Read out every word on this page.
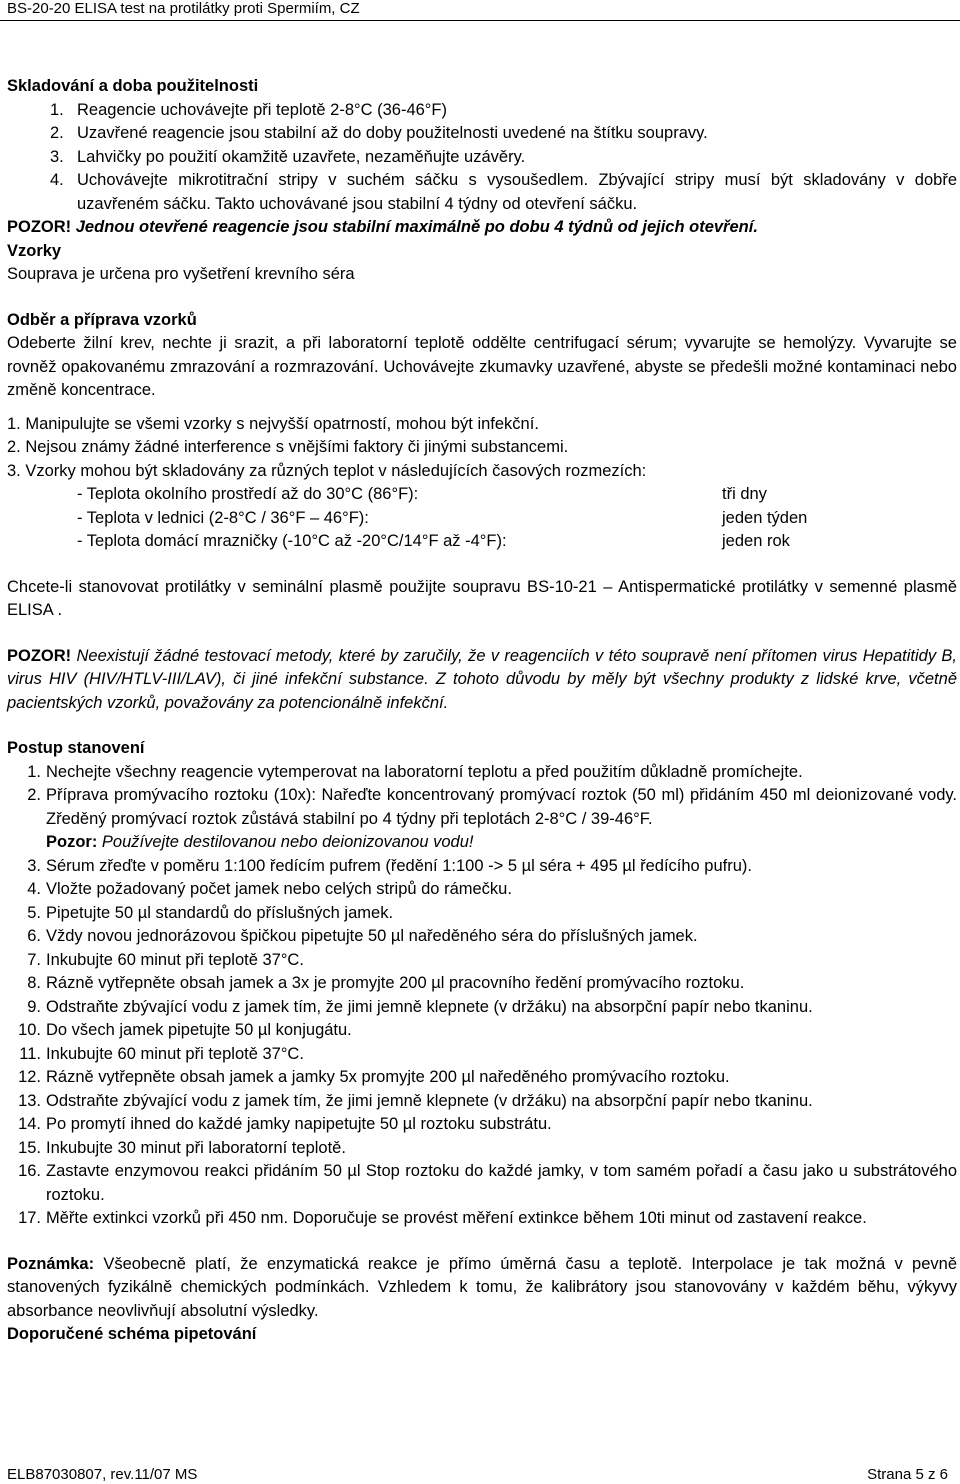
BS-20-20 ELISA test na protilátky proti Spermiím, CZ
Skladování a doba použitelnosti
1. Reagencie uchovávejte při teplotě 2-8°C (36-46°F)
2. Uzavřené reagencie jsou stabilní až do doby použitelnosti uvedené na štítku soupravy.
3. Lahvičky po použití okamžitě uzavřete, nezaměňujte uzávěry.
4. Uchovávejte mikrotitrační stripy v suchém sáčku s vysoušedlem. Zbývající stripy musí být skladovány v dobře uzavřeném sáčku. Takto uchovávané jsou stabilní 4 týdny od otevření sáčku.
POZOR! Jednou otevřené reagencie jsou stabilní maximálně po dobu 4 týdnů od jejich otevření.
Vzorky
Souprava je určena pro vyšetření krevního séra
Odběr a příprava vzorků
Odeberte žilní krev, nechte ji srazit, a při laboratorní teplotě oddělte centrifugací sérum; vyvarujte se hemolýzy. Vyvarujte se rovněž opakovanému zmrazování a rozmrazování. Uchovávejte zkumavky uzavřené, abyste se předešli možné kontaminaci nebo změně koncentrace.
1. Manipulujte se všemi vzorky s nejvyšší opatrností, mohou být infekční.
2. Nejsou známy žádné interference s vnějšími faktory či jinými substancemi.
3. Vzorky mohou být skladovány za různých teplot v následujících časových rozmezích:
- Teplota okolního prostředí až do 30°C (86°F):	tři dny
- Teplota v lednici (2-8°C / 36°F – 46°F):	jeden týden
- Teplota domácí mrazničky (-10°C až -20°C/14°F až -4°F):	jeden rok
Chcete-li stanovovat protilátky v seminální plasmě použijte soupravu BS-10-21 – Antispermatické protilátky v semenné plasmě ELISA .
POZOR! Neexistují žádné testovací metody, které by zaručily, že v reagenciích v této soupravě není přítomen virus Hepatitidy B, virus HIV (HIV/HTLV-III/LAV), či jiné infekční substance. Z tohoto důvodu by měly být všechny produkty z lidské krve, včetně pacientských vzorků, považovány za potencionálně infekční.
Postup stanovení
1. Nechejte všechny reagencie vytemperovat na laboratorní teplotu a před použitím důkladně promíchejte.
2. Příprava promývacího roztoku (10x): Nařeďte koncentrovaný promývací roztok (50 ml) přidáním 450 ml deionizované vody. Zředěný promývací roztok zůstává stabilní po 4 týdny při teplotách 2-8°C / 39-46°F.
Pozor: Používejte destilovanou nebo deionizovanou vodu!
3. Sérum zřeďte v poměru 1:100 ředícím pufrem (ředění 1:100 -> 5 µl séra + 495 µl ředícího pufru).
4. Vložte požadovaný počet jamek nebo celých stripů do rámečku.
5. Pipetujte 50 µl standardů do příslušných jamek.
6. Vždy novou jednorázovou špičkou pipetujte 50 µl naředěného séra do příslušných jamek.
7. Inkubujte 60 minut při teplotě 37°C.
8. Rázně vytřepněte obsah jamek a 3x je promyjte 200 µl pracovního ředění promývacího roztoku.
9. Odstraňte zbývající vodu z jamek tím, že jimi jemně klepnete (v držáku) na absorpční papír nebo tkaninu.
10. Do všech jamek pipetujte 50 µl konjugátu.
11. Inkubujte 60 minut při teplotě 37°C.
12. Rázně vytřepněte obsah jamek a jamky 5x promyjte 200 µl naředěného promývacího roztoku.
13. Odstraňte zbývající vodu z jamek tím, že jimi jemně klepnete (v držáku) na absorpční papír nebo tkaninu.
14. Po promytí ihned do každé jamky napipetujte 50 µl roztoku substrátu.
15. Inkubujte 30 minut při laboratorní teplotě.
16. Zastavte enzymovou reakci přidáním 50 µl Stop roztoku do každé jamky, v tom samém pořadí a času jako u substrátového roztoku.
17. Měřte extinkci vzorků při 450 nm. Doporučuje se provést měření extinkce během 10ti minut od zastavení reakce.
Poznámka: Všeobecně platí, že enzymatická reakce je přímo úměrná času a teplotě. Interpolace je tak možná v pevně stanovených fyzikálně chemických podmínkách. Vzhledem k tomu, že kalibrátory jsou stanovovány v každém běhu, výkyvy absorbance neovlivňují absolutní výsledky.
Doporučené schéma pipetování
ELB87030807, rev.11/07 MS	Strana 5 z 6
